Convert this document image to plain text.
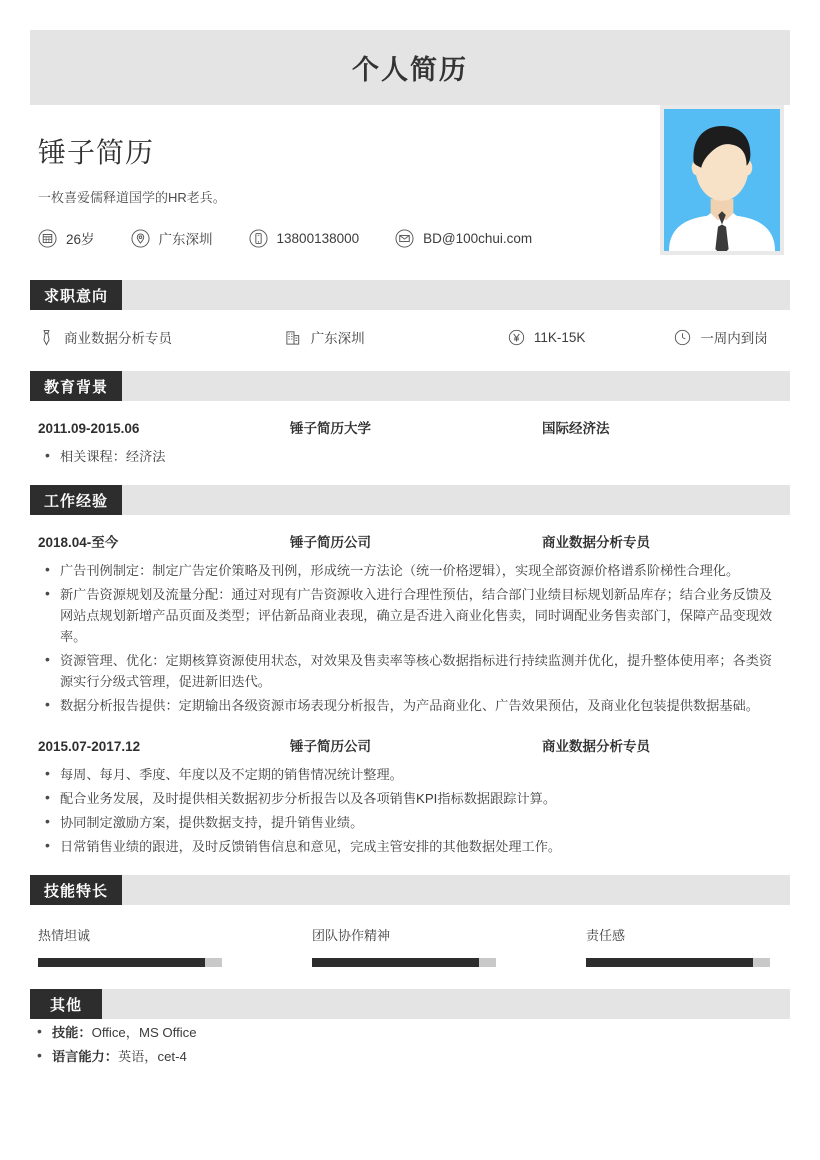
个人简历
锤子简历
一枚喜爱儒释道国学的HR老兵。
26岁	广东深圳	13800138000	BD@100chui.com
求职意向
商业数据分析专员	广东深圳	11K-15K	一周内到岗
教育背景
2011.09-2015.06	锤子简历大学	国际经济法
• 相关课程：经济法
工作经验
2018.04-至今	锤子简历公司	商业数据分析专员
• 广告刊例制定：制定广告定价策略及刊例，形成统一方法论（统一价格逻辑），实现全部资源价格谱系阶梯性合理化。
• 新广告资源规划及流量分配：通过对现有广告资源收入进行合理性预估，结合部门业绩目标规划新品库存；结合业务反馈及网站点规划新增产品页面及类型；评估新品商业表现，确立是否进入商业化售卖，同时调配业务售卖部门，保障产品变现效率。
• 资源管理、优化：定期核算资源使用状态，对效果及售卖率等核心数据指标进行持续监测并优化，提升整体使用率；各类资源实行分级式管理，促进新旧迭代。
• 数据分析报告提供：定期输出各级资源市场表现分析报告，为产品商业化、广告效果预估，及商业化包装提供数据基础。
2015.07-2017.12	锤子简历公司	商业数据分析专员
• 每周、每月、季度、年度以及不定期的销售情况统计整理。
• 配合业务发展，及时提供相关数据初步分析报告以及各项销售KPI指标数据跟踪计算。
• 协同制定激励方案，提供数据支持，提升销售业绩。
• 日常销售业绩的跟进，及时反馈销售信息和意见，完成主管安排的其他数据处理工作。
技能特长
热情坦诚	团队协作精神	责任感
其他
• 技能：Office，MS Office
• 语言能力：英语，cet-4
